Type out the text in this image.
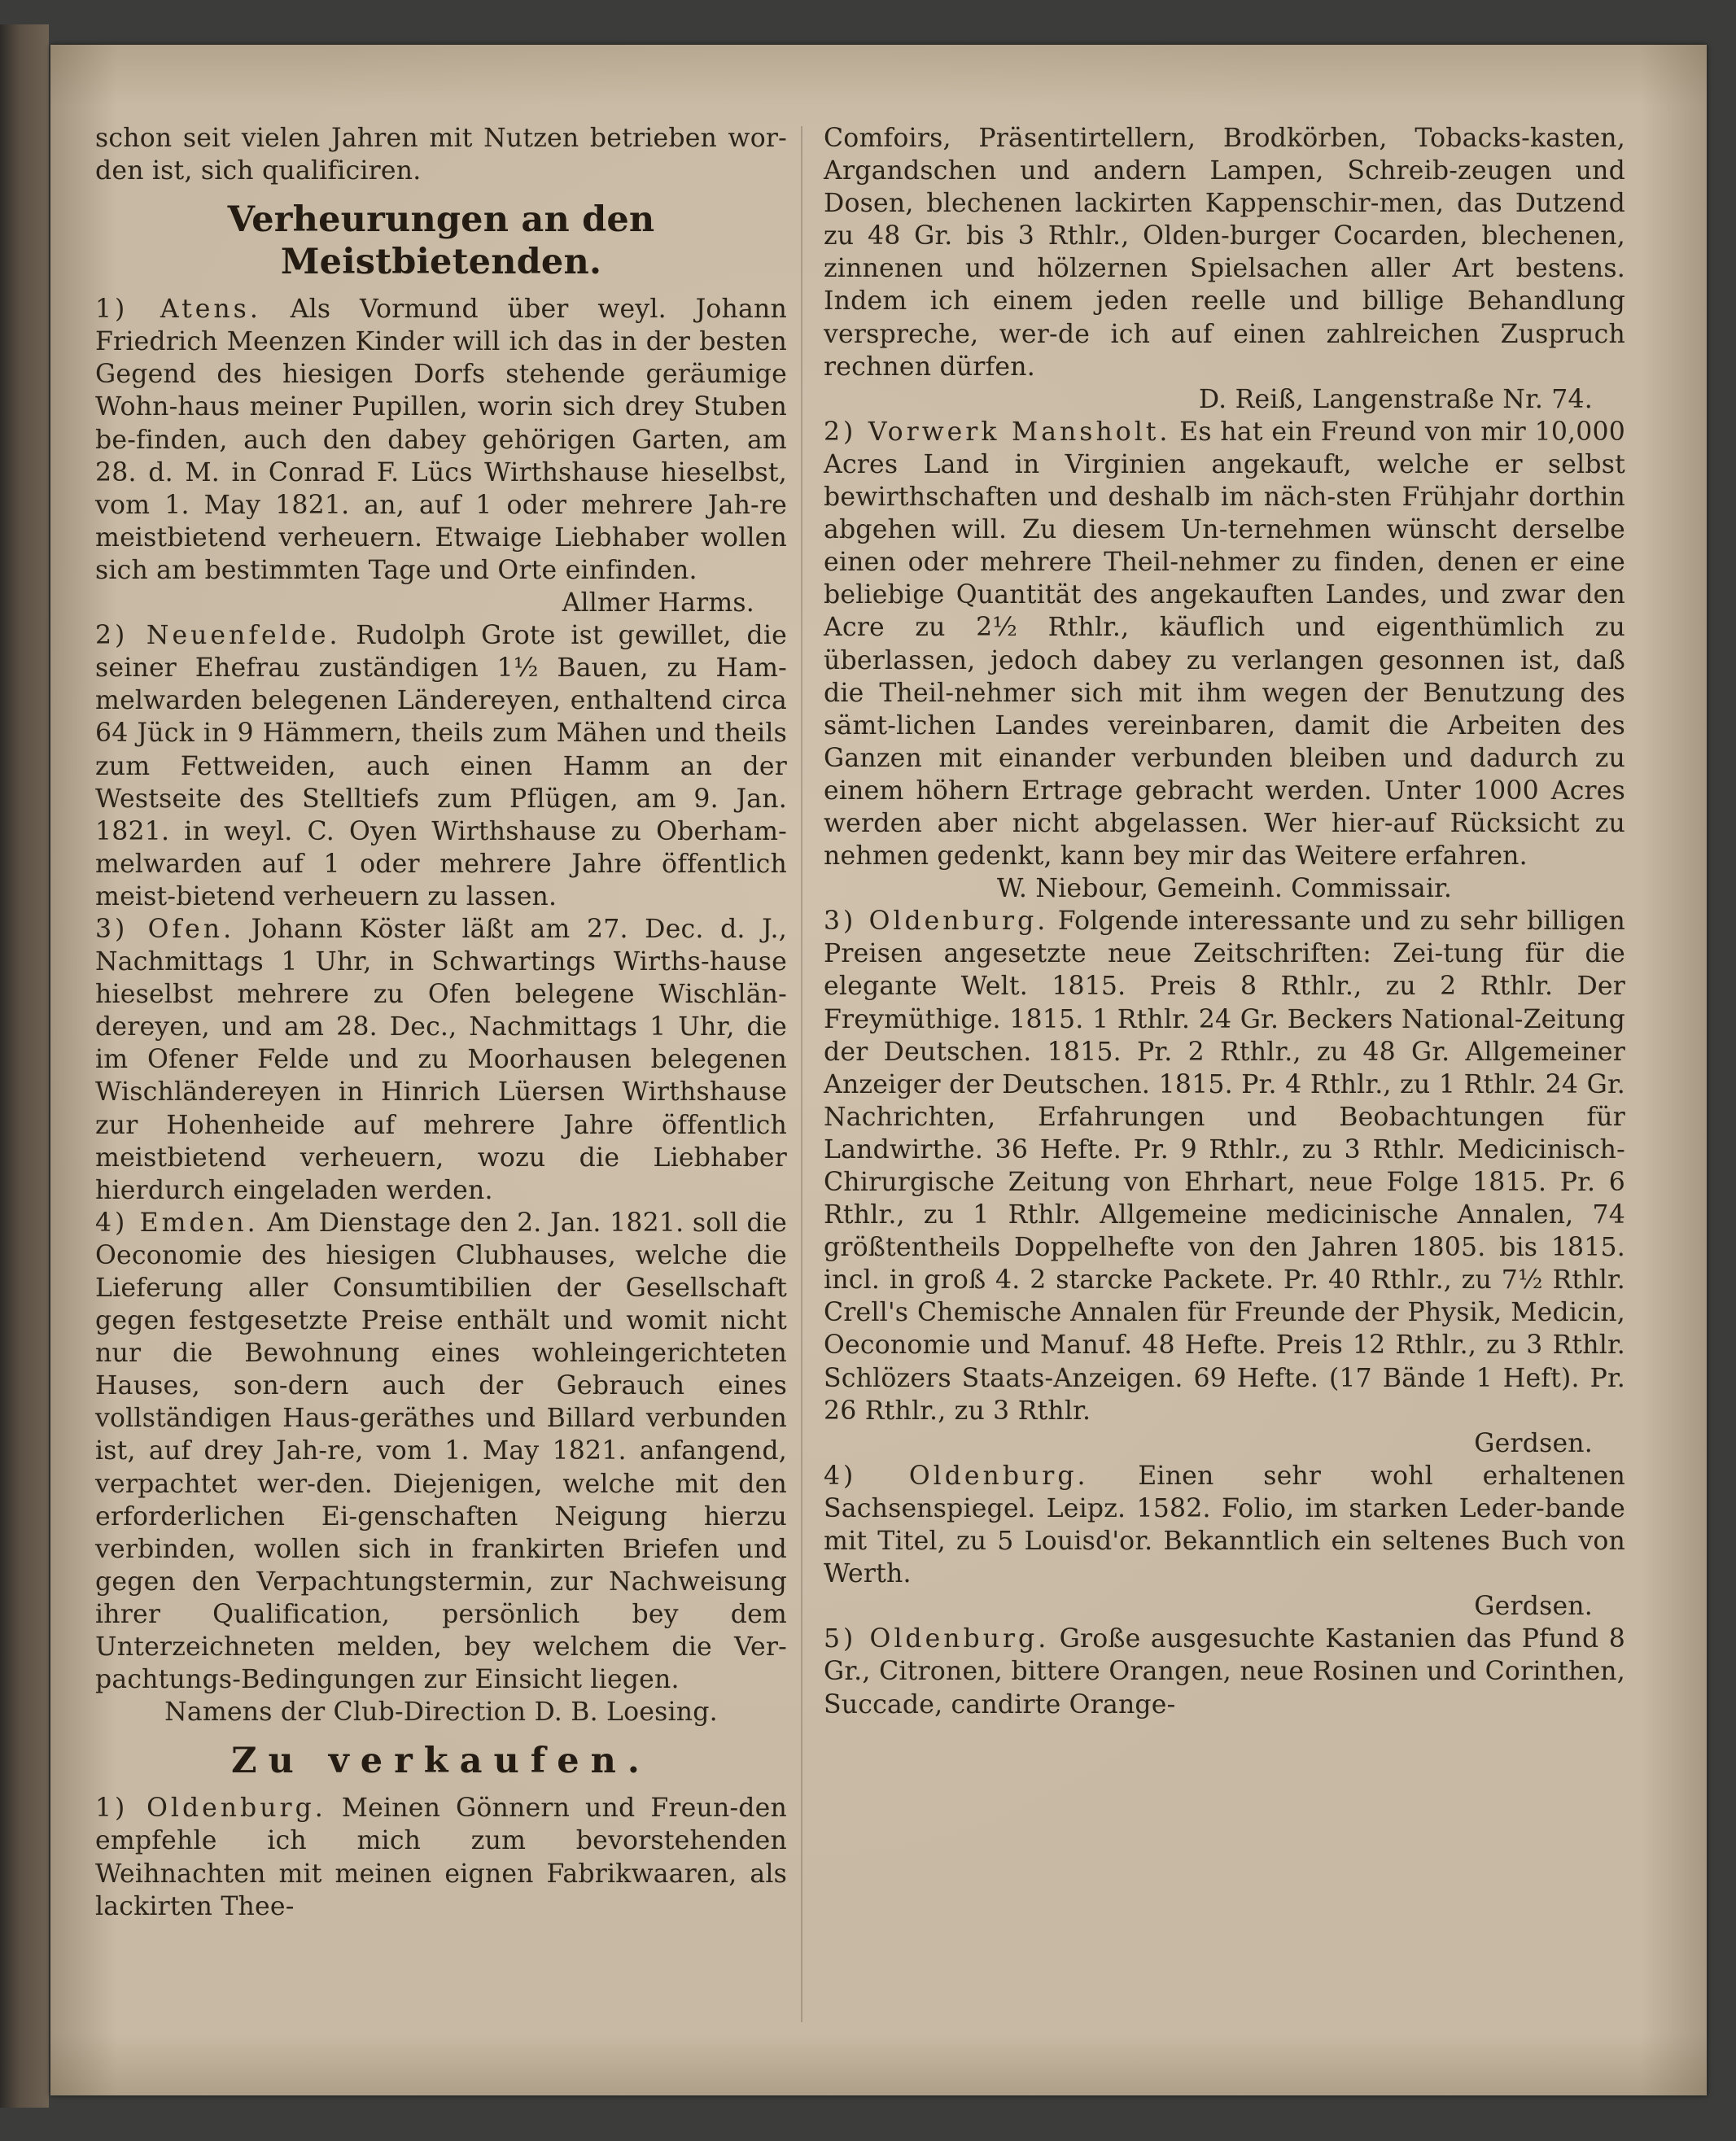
schon seit vielen Jahren mit Nutzen betrieben wor-den ist, sich qualificiren.

Verheurungen an den Meistbietenden.

1) Atens. Als Vormund über weyl. Johann Friedrich Meenzen Kinder will ich das in der besten Gegend des hiesigen Dorfs stehende geräumige Wohn-haus meiner Pupillen, worin sich drey Stuben be-finden, auch den dabey gehörigen Garten, am 28. d. M. in Conrad F. Lücs Wirthshause hieselbst, vom 1. May 1821. an, auf 1 oder mehrere Jah-re meistbietend verheuern. Etwaige Liebhaber wollen sich am bestimmten Tage und Orte einfinden.

Allmer Harms.

2) Neuenfelde. Rudolph Grote ist gewillet, die seiner Ehefrau zuständigen 1½ Bauen, zu Ham-melwarden belegenen Ländereyen, enthaltend circa 64 Jück in 9 Hämmern, theils zum Mähen und theils zum Fettweiden, auch einen Hamm an der Westseite des Stelltiefs zum Pflügen, am 9. Jan. 1821. in weyl. C. Oyen Wirthshause zu Oberham-melwarden auf 1 oder mehrere Jahre öffentlich meist-bietend verheuern zu lassen.

3) Ofen. Johann Köster läßt am 27. Dec. d. J., Nachmittags 1 Uhr, in Schwartings Wirths-hause hieselbst mehrere zu Ofen belegene Wischlän-dereyen, und am 28. Dec., Nachmittags 1 Uhr, die im Ofener Felde und zu Moorhausen belegenen Wischländereyen in Hinrich Lüersen Wirthshause zur Hohenheide auf mehrere Jahre öffentlich meistbietend verheuern, wozu die Liebhaber hierdurch eingeladen werden.

4) Emden. Am Dienstage den 2. Jan. 1821. soll die Oeconomie des hiesigen Clubhauses, welche die Lieferung aller Consumtibilien der Gesellschaft gegen festgesetzte Preise enthält und womit nicht nur die Bewohnung eines wohleingerichteten Hauses, son-dern auch der Gebrauch eines vollständigen Haus-geräthes und Billard verbunden ist, auf drey Jah-re, vom 1. May 1821. anfangend, verpachtet wer-den. Diejenigen, welche mit den erforderlichen Ei-genschaften Neigung hierzu verbinden, wollen sich in frankirten Briefen und gegen den Verpachtungstermin, zur Nachweisung ihrer Qualification, persönlich bey dem Unterzeichneten melden, bey welchem die Ver-pachtungs-Bedingungen zur Einsicht liegen.

Namens der Club-Direction D. B. Loesing.

Zu verkaufen.

1) Oldenburg. Meinen Gönnern und Freun-den empfehle ich mich zum bevorstehenden Weihnachten mit meinen eignen Fabrikwaaren, als lackirten Thee-

Comfoirs, Präsentirtellern, Brodkörben, Tobacks-kasten, Argandschen und andern Lampen, Schreib-zeugen und Dosen, blechenen lackirten Kappenschir-men, das Dutzend zu 48 Gr. bis 3 Rthlr., Olden-burger Cocarden, blechenen, zinnenen und hölzernen Spielsachen aller Art bestens. Indem ich einem jeden reelle und billige Behandlung verspreche, wer-de ich auf einen zahlreichen Zuspruch rechnen dürfen.

D. Reiß, Langenstraße Nr. 74.

2) Vorwerk Mansholt. Es hat ein Freund von mir 10,000 Acres Land in Virginien angekauft, welche er selbst bewirthschaften und deshalb im näch-sten Frühjahr dorthin abgehen will. Zu diesem Un-ternehmen wünscht derselbe einen oder mehrere Theil-nehmer zu finden, denen er eine beliebige Quantität des angekauften Landes, und zwar den Acre zu 2½ Rthlr., käuflich und eigenthümlich zu überlassen, jedoch dabey zu verlangen gesonnen ist, daß die Theil-nehmer sich mit ihm wegen der Benutzung des sämt-lichen Landes vereinbaren, damit die Arbeiten des Ganzen mit einander verbunden bleiben und dadurch zu einem höhern Ertrage gebracht werden. Unter 1000 Acres werden aber nicht abgelassen. Wer hier-auf Rücksicht zu nehmen gedenkt, kann bey mir das Weitere erfahren.

W. Niebour, Gemeinh. Commissair.

3) Oldenburg. Folgende interessante und zu sehr billigen Preisen angesetzte neue Zeitschriften: Zei-tung für die elegante Welt. 1815. Preis 8 Rthlr., zu 2 Rthlr. Der Freymüthige. 1815. 1 Rthlr. 24 Gr. Beckers National-Zeitung der Deutschen. 1815. Pr. 2 Rthlr., zu 48 Gr. Allgemeiner Anzeiger der Deutschen. 1815. Pr. 4 Rthlr., zu 1 Rthlr. 24 Gr. Nachrichten, Erfahrungen und Beobachtungen für Landwirthe. 36 Hefte. Pr. 9 Rthlr., zu 3 Rthlr. Medicinisch-Chirurgische Zeitung von Ehrhart, neue Folge 1815. Pr. 6 Rthlr., zu 1 Rthlr. Allgemeine medicinische Annalen, 74 größtentheils Doppelhefte von den Jahren 1805. bis 1815. incl. in groß 4. 2 starcke Packete. Pr. 40 Rthlr., zu 7½ Rthlr. Crell's Chemische Annalen für Freunde der Physik, Medicin, Oeconomie und Manuf. 48 Hefte. Preis 12 Rthlr., zu 3 Rthlr. Schlözers Staats-Anzeigen. 69 Hefte. (17 Bände 1 Heft). Pr. 26 Rthlr., zu 3 Rthlr.

Gerdsen.

4) Oldenburg. Einen sehr wohl erhaltenen Sachsenspiegel. Leipz. 1582. Folio, im starken Leder-bande mit Titel, zu 5 Louisd'or. Bekanntlich ein seltenes Buch von Werth.

Gerdsen.

5) Oldenburg. Große ausgesuchte Kastanien das Pfund 8 Gr., Citronen, bittere Orangen, neue Rosinen und Corinthen, Succade, candirte Orange-
